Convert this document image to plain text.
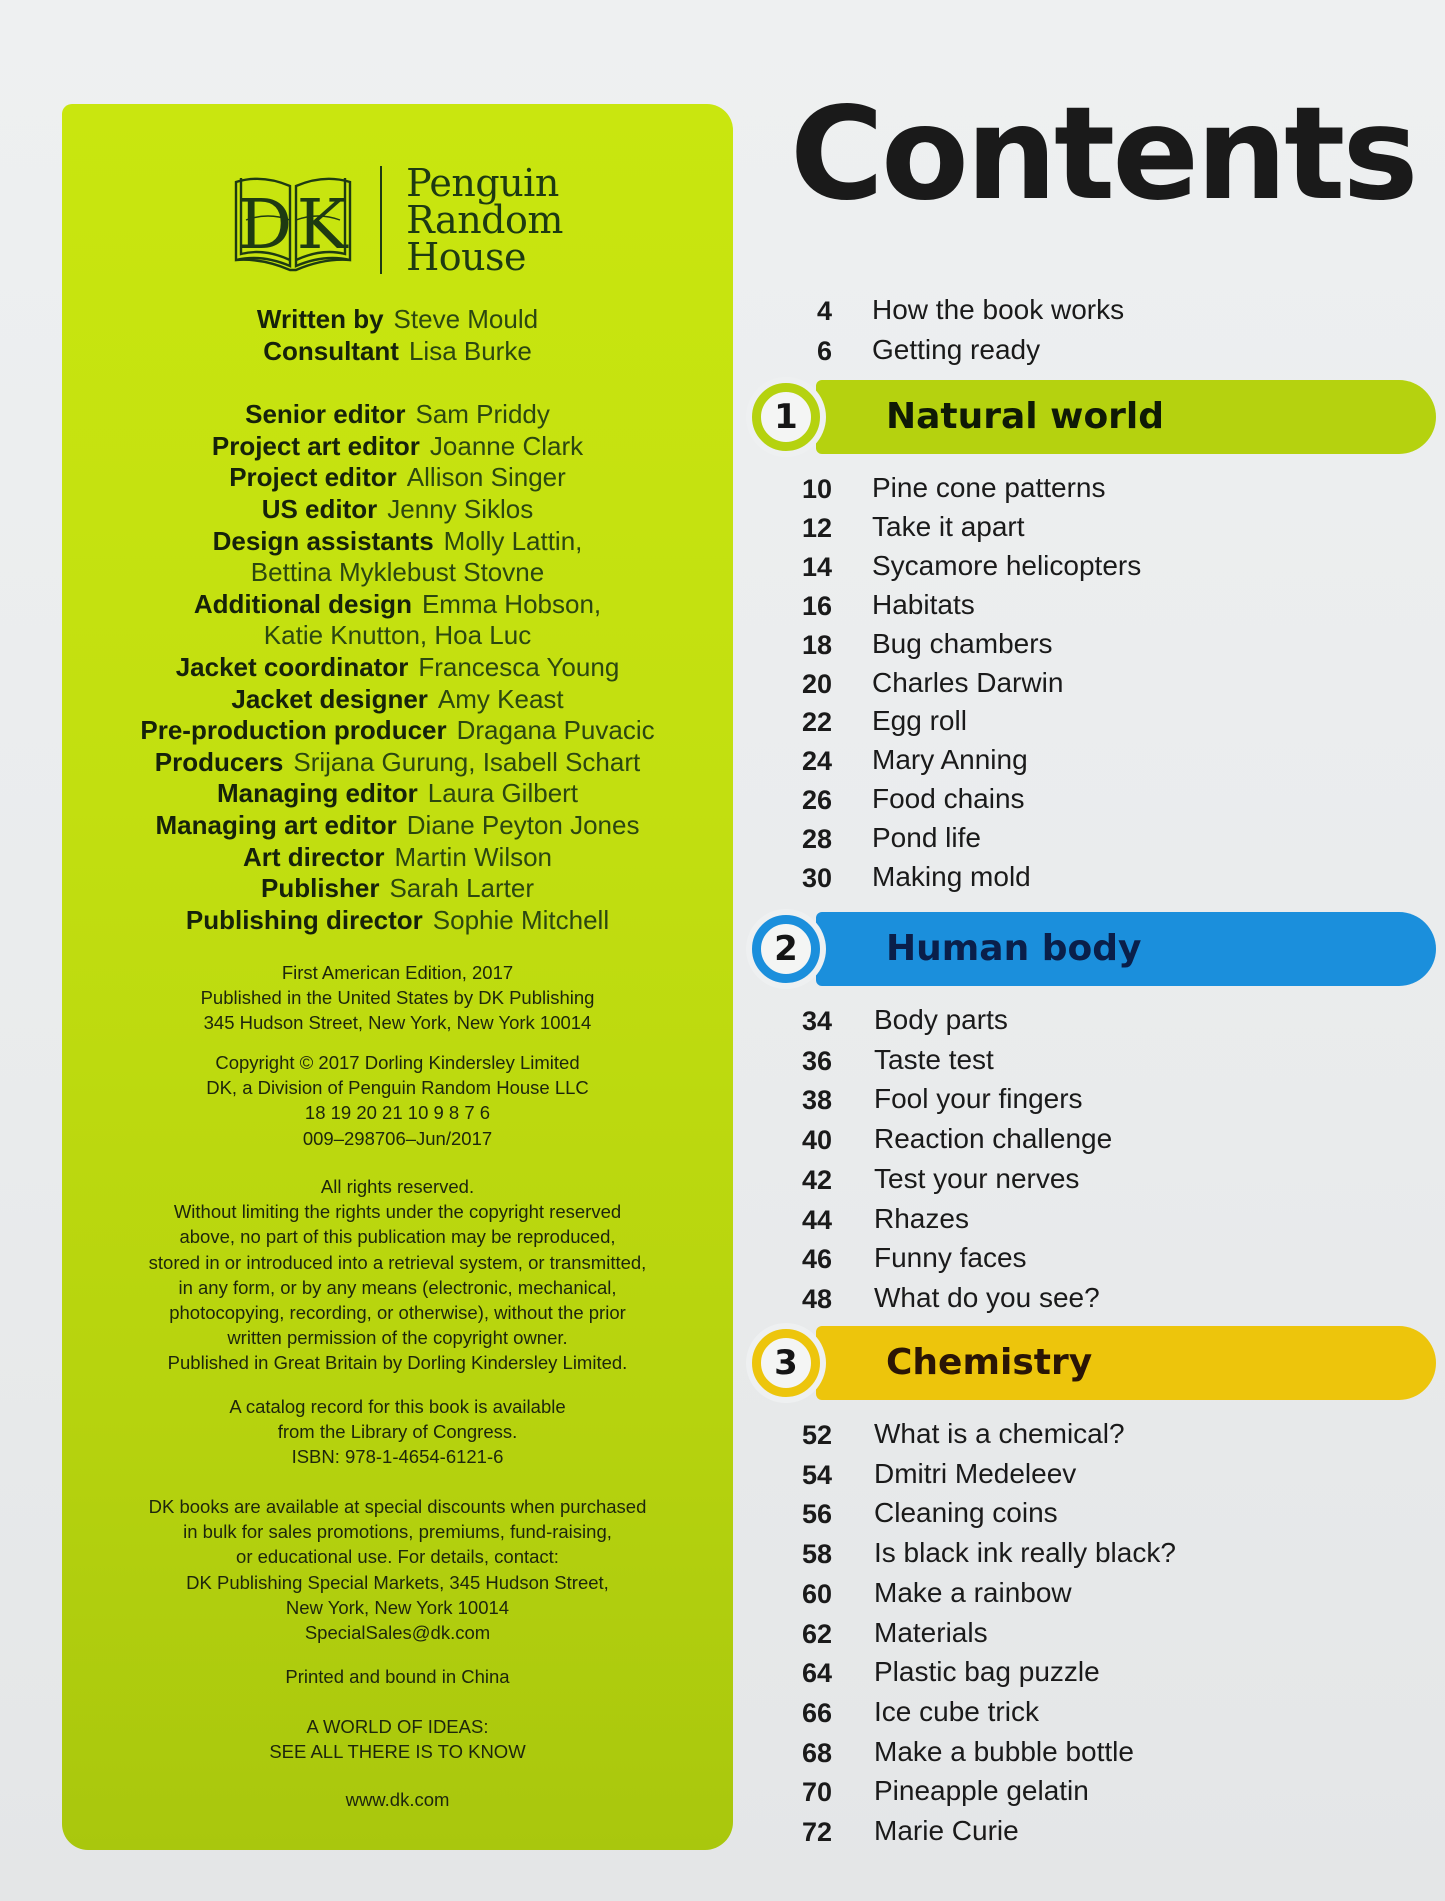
D K
Penguin
Random
House
Written by Steve Mould
Consultant Lisa Burke
Senior editor Sam Priddy
Project art editor Joanne Clark
Project editor Allison Singer
US editor Jenny Siklos
Design assistants Molly Lattin,
Bettina Myklebust Stovne
Additional design Emma Hobson,
Katie Knutton, Hoa Luc
Jacket coordinator Francesca Young
Jacket designer Amy Keast
Pre-production producer Dragana Puvacic
Producers Srijana Gurung, Isabell Schart
Managing editor Laura Gilbert
Managing art editor Diane Peyton Jones
Art director Martin Wilson
Publisher Sarah Larter
Publishing director Sophie Mitchell

First American Edition, 2017

Published in the United States by DK Publishing

345 Hudson Street, New York, New York 10014

Copyright © 2017 Dorling Kindersley Limited

DK, a Division of Penguin Random House LLC

18 19 20 21 10 9 8 7 6

009–298706–Jun/2017

All rights reserved.

Without limiting the rights under the copyright reserved

above, no part of this publication may be reproduced,

stored in or introduced into a retrieval system, or transmitted,

in any form, or by any means (electronic, mechanical,

photocopying, recording, or otherwise), without the prior

written permission of the copyright owner.

Published in Great Britain by Dorling Kindersley Limited.

A catalog record for this book is available

from the Library of Congress.

ISBN: 978-1-4654-6121-6

DK books are available at special discounts when purchased

in bulk for sales promotions, premiums, fund-raising,

or educational use. For details, contact:

DK Publishing Special Markets, 345 Hudson Street,

New York, New York 10014

SpecialSales@dk.com

Printed and bound in China

A WORLD OF IDEAS:

SEE ALL THERE IS TO KNOW

www.dk.com

Contents
4 How the book works
6 Getting ready
1	Natural world
10 Pine cone patterns
12 Take it apart
14 Sycamore helicopters
16 Habitats
18 Bug chambers
20 Charles Darwin
22 Egg roll
24 Mary Anning
26 Food chains
28 Pond life
30 Making mold
2	Human body
34 Body parts
36 Taste test
38 Fool your fingers
40 Reaction challenge
42 Test your nerves
44 Rhazes
46 Funny faces
48 What do you see?
3	Chemistry
52 What is a chemical?
54 Dmitri Medeleev
56 Cleaning coins
58 Is black ink really black?
60 Make a rainbow
62 Materials
64 Plastic bag puzzle
66 Ice cube trick
68 Make a bubble bottle
70 Pineapple gelatin
72 Marie Curie
